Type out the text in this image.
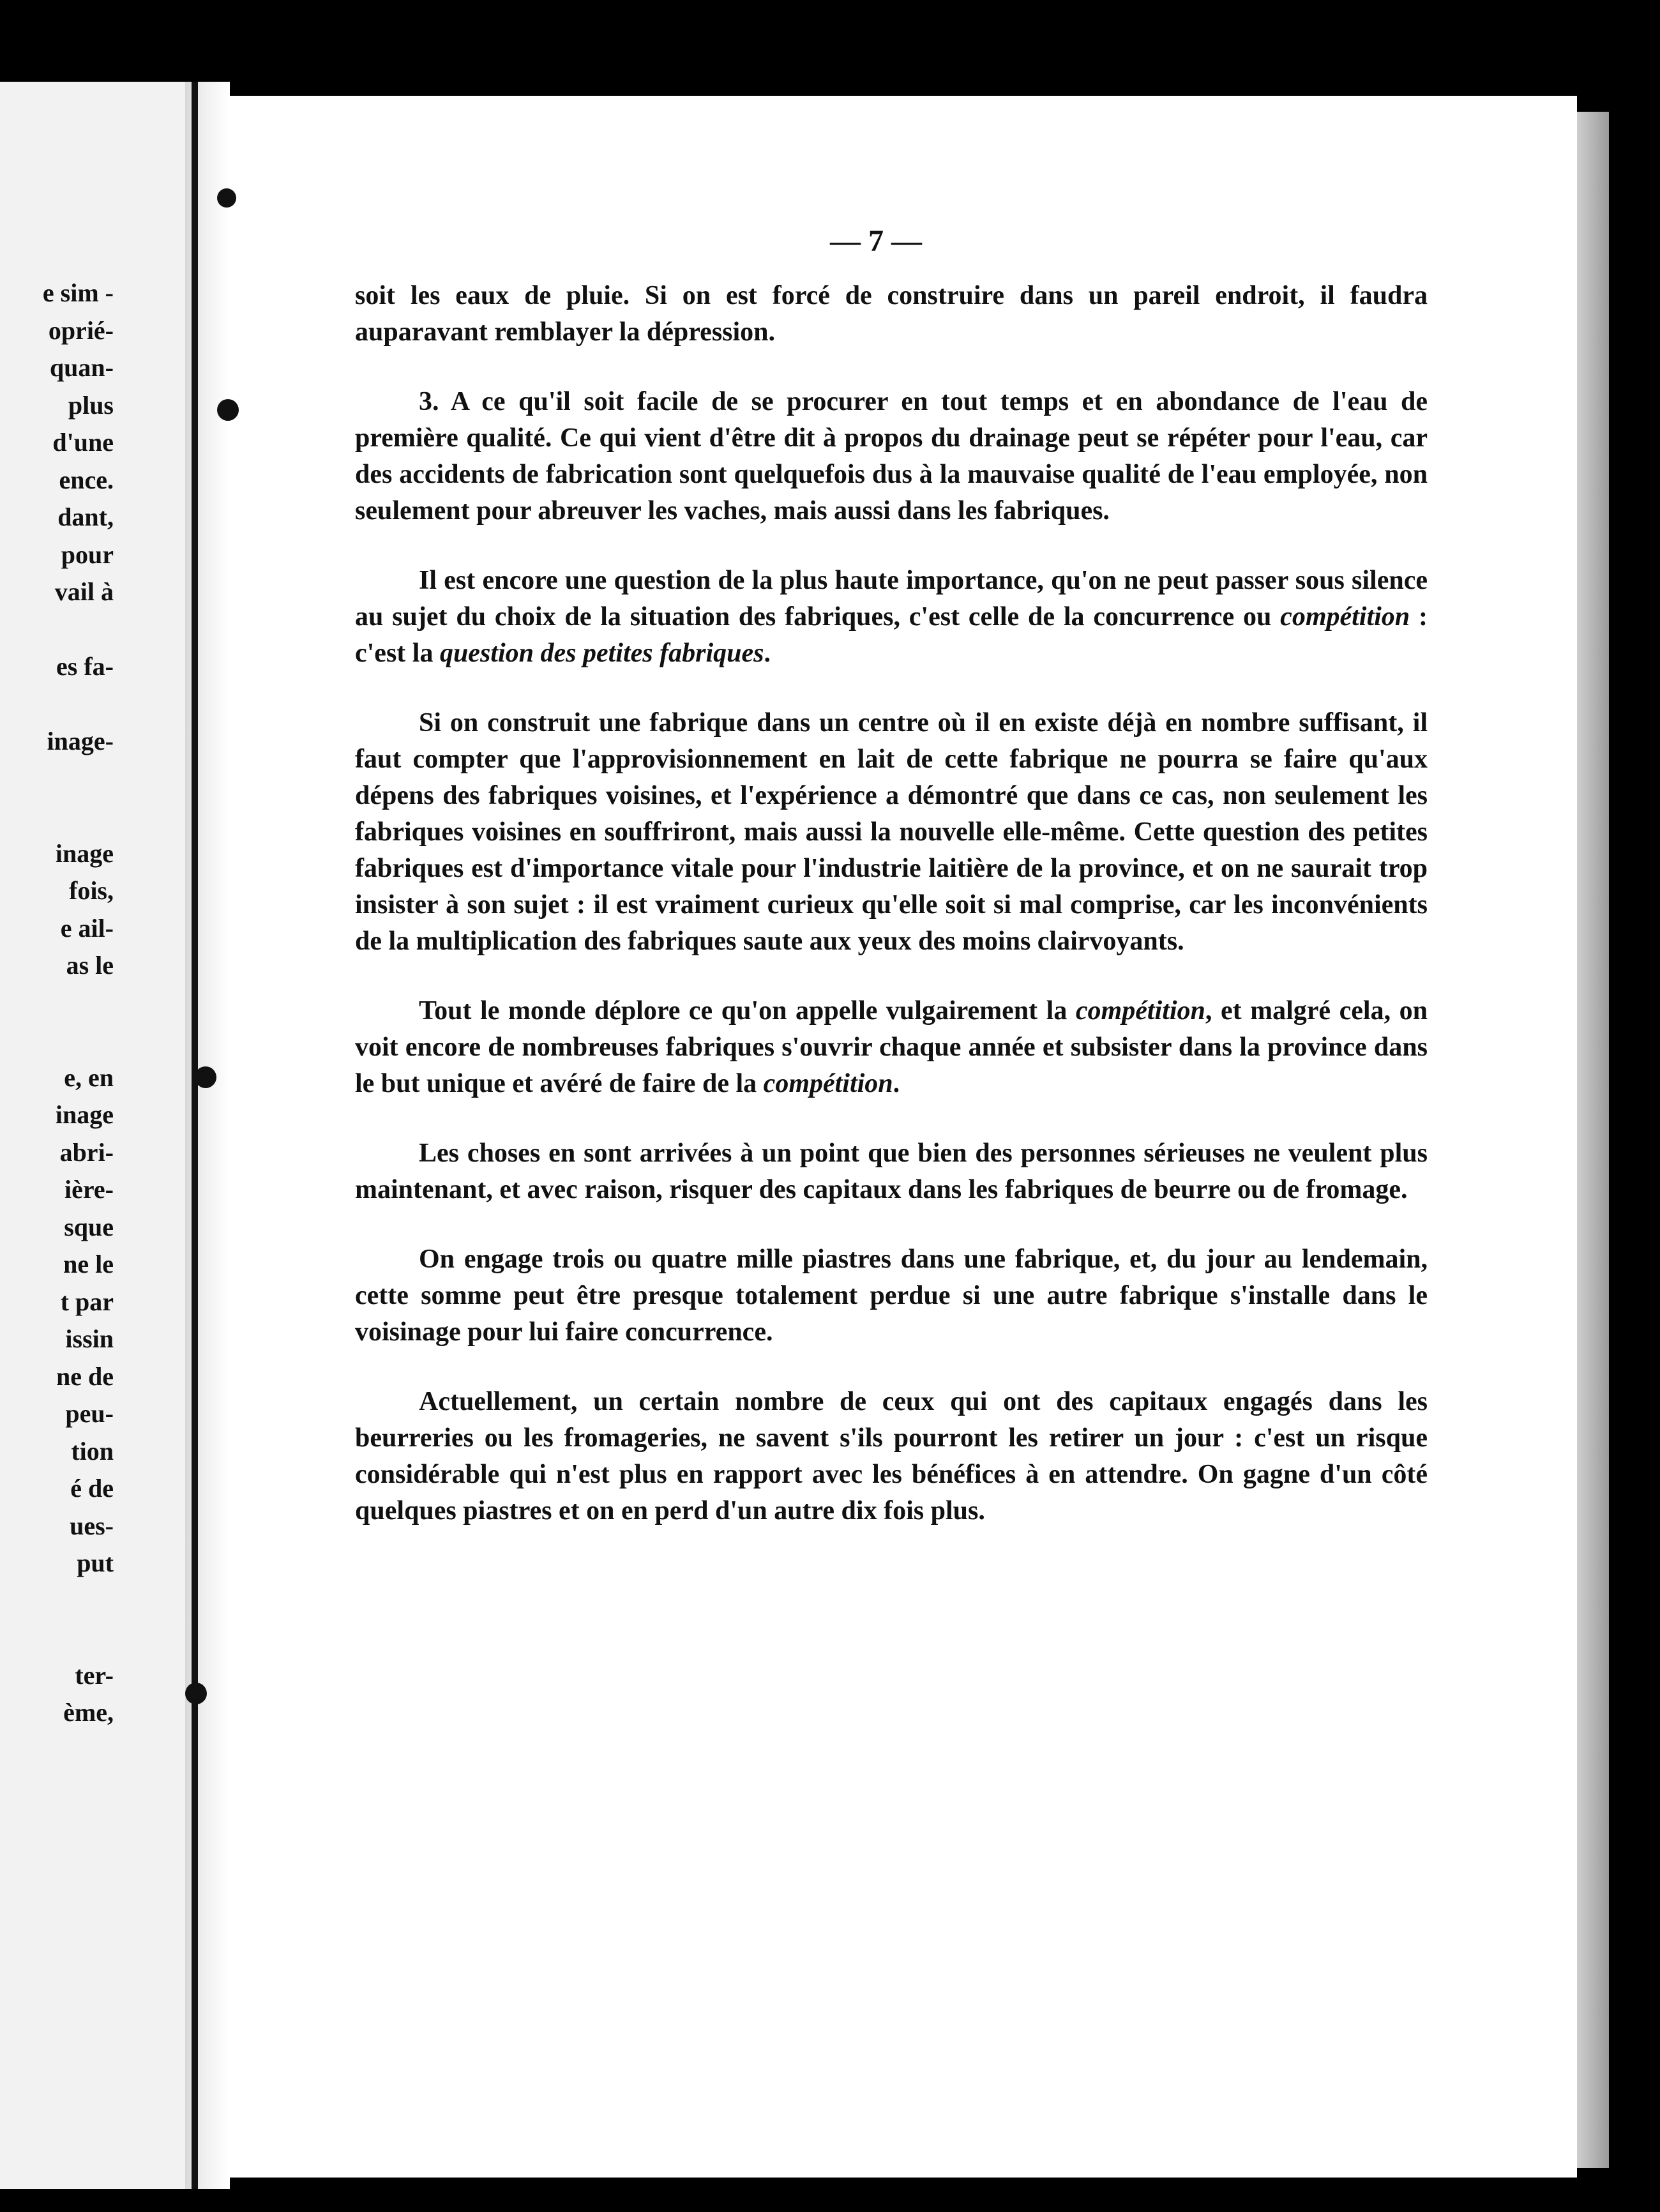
e sim -
oprié-
quan-
plus
d'une
ence.
dant,
pour
vail à
es fa-
inage-
inage
fois,
e ail-
as le
e, en
inage
abri-
ière-
sque
ne le
t par
issin
ne de
peu-
tion
é de
ues-
put
ter-
ème,
— 7 —

soit les eaux de pluie. Si on est forcé de construire dans un pareil endroit, il faudra auparavant remblayer la dépression.

3. A ce qu'il soit facile de se procurer en tout temps et en abondance de l'eau de première qualité. Ce qui vient d'être dit à propos du drainage peut se répéter pour l'eau, car des accidents de fabrication sont quelquefois dus à la mauvaise qualité de l'eau employée, non seulement pour abreuver les vaches, mais aussi dans les fabriques.

Il est encore une question de la plus haute importance, qu'on ne peut passer sous silence au sujet du choix de la situation des fabriques, c'est celle de la concurrence ou compétition : c'est la question des petites fabriques.

Si on construit une fabrique dans un centre où il en existe déjà en nombre suffisant, il faut compter que l'approvisionnement en lait de cette fabrique ne pourra se faire qu'aux dépens des fabriques voisines, et l'expérience a démontré que dans ce cas, non seulement les fabriques voisines en souffriront, mais aussi la nouvelle elle-même. Cette question des petites fabriques est d'importance vitale pour l'industrie laitière de la province, et on ne saurait trop insister à son sujet : il est vraiment curieux qu'elle soit si mal comprise, car les inconvénients de la multiplication des fabriques saute aux yeux des moins clairvoyants.

Tout le monde déplore ce qu'on appelle vulgairement la compétition, et malgré cela, on voit encore de nombreuses fabriques s'ouvrir chaque année et subsister dans la province dans le but unique et avéré de faire de la compétition.

Les choses en sont arrivées à un point que bien des personnes sérieuses ne veulent plus maintenant, et avec raison, risquer des capitaux dans les fabriques de beurre ou de fromage.

On engage trois ou quatre mille piastres dans une fabrique, et, du jour au lendemain, cette somme peut être presque totalement perdue si une autre fabrique s'installe dans le voisinage pour lui faire concurrence.

Actuellement, un certain nombre de ceux qui ont des capitaux engagés dans les beurreries ou les fromageries, ne savent s'ils pourront les retirer un jour : c'est un risque considérable qui n'est plus en rapport avec les bénéfices à en attendre. On gagne d'un côté quelques piastres et on en perd d'un autre dix fois plus.
